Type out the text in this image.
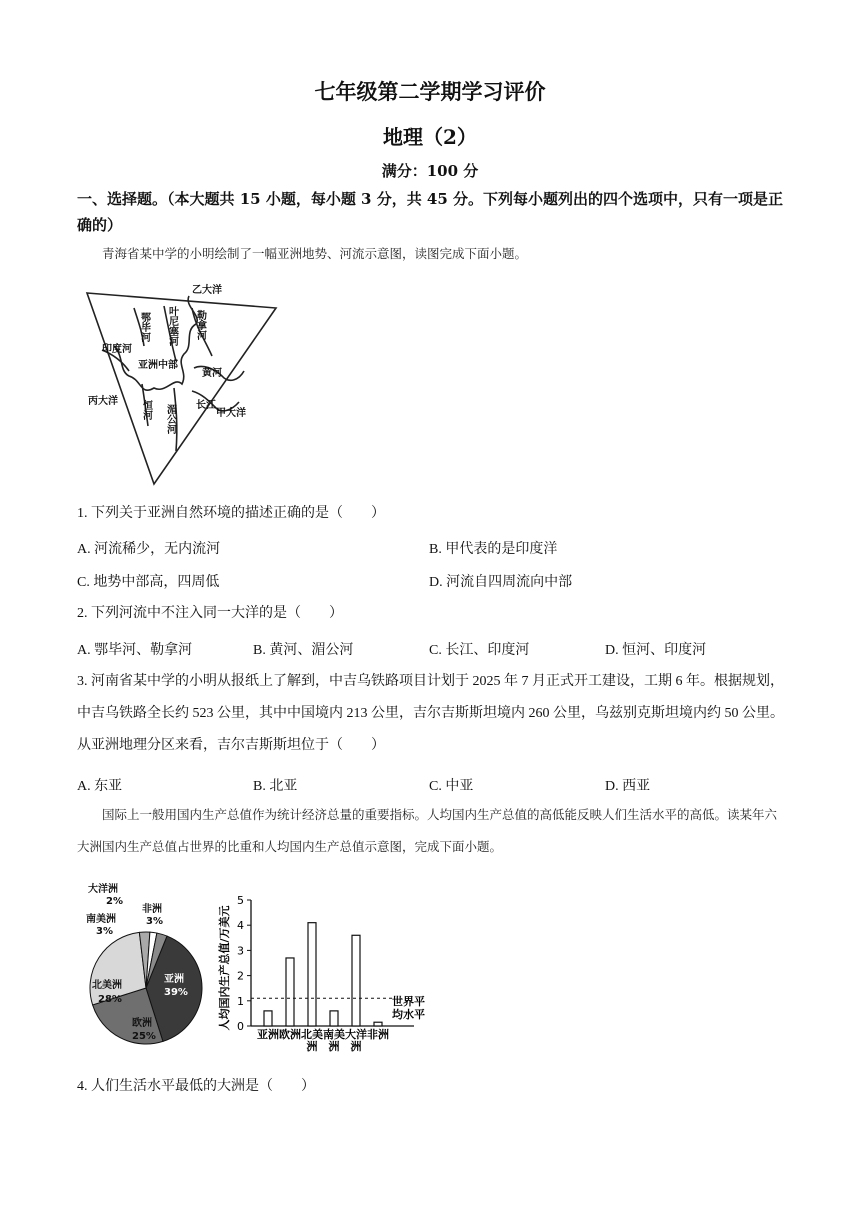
七年级第二学期学习评价
地理（2）
满分：100 分
一、选择题。（本大题共 15 小题，每小题 3 分，共 45 分。下列每小题列出的四个选项中，只有一项是正确的）
青海省某中学的小明绘制了一幅亚洲地势、河流示意图，读图完成下面小题。
乙大洋
丙大洋
甲大洋
印度河
亚洲中部
黄河
长江
鄂毕河 叶尼塞河 勒拿河
恒河 湄公河
1. 下列关于亚洲自然环境的描述正确的是（　　）
A. 河流稀少，无内流河	B. 甲代表的是印度洋
C. 地势中部高，四周低	D. 河流自四周流向中部
2. 下列河流中不注入同一大洋的是（　　）
A. 鄂毕河、勒拿河	B. 黄河、湄公河	C. 长江、印度河	D. 恒河、印度河
3. 河南省某中学的小明从报纸上了解到，中吉乌铁路项目计划于 2025 年 7 月正式开工建设，工期 6 年。根据规划，中吉乌铁路全长约 523 公里，其中中国境内 213 公里，吉尔吉斯斯坦境内 260 公里，乌兹别克斯坦境内约 50 公里。从亚洲地理分区来看，吉尔吉斯斯坦位于（　　）
A. 东亚	B. 北亚	C. 中亚	D. 西亚
国际上一般用国内生产总值作为统计经济总量的重要指标。人均国内生产总值的高低能反映人们生活水平的高低。读某年六大洲国内生产总值占世界的比重和人均国内生产总值示意图，完成下面小题。
大洋洲
2%
南美洲
3%
非洲
3%
亚洲
39%
北美洲
28%
欧洲
25%
人均国内生产总值/万美元 0
1
2
3
4
5
亚洲 欧洲 北美
洲
南美
洲
大洋
洲
非洲
世界平
均水平
4. 人们生活水平最低的大洲是（　　）
